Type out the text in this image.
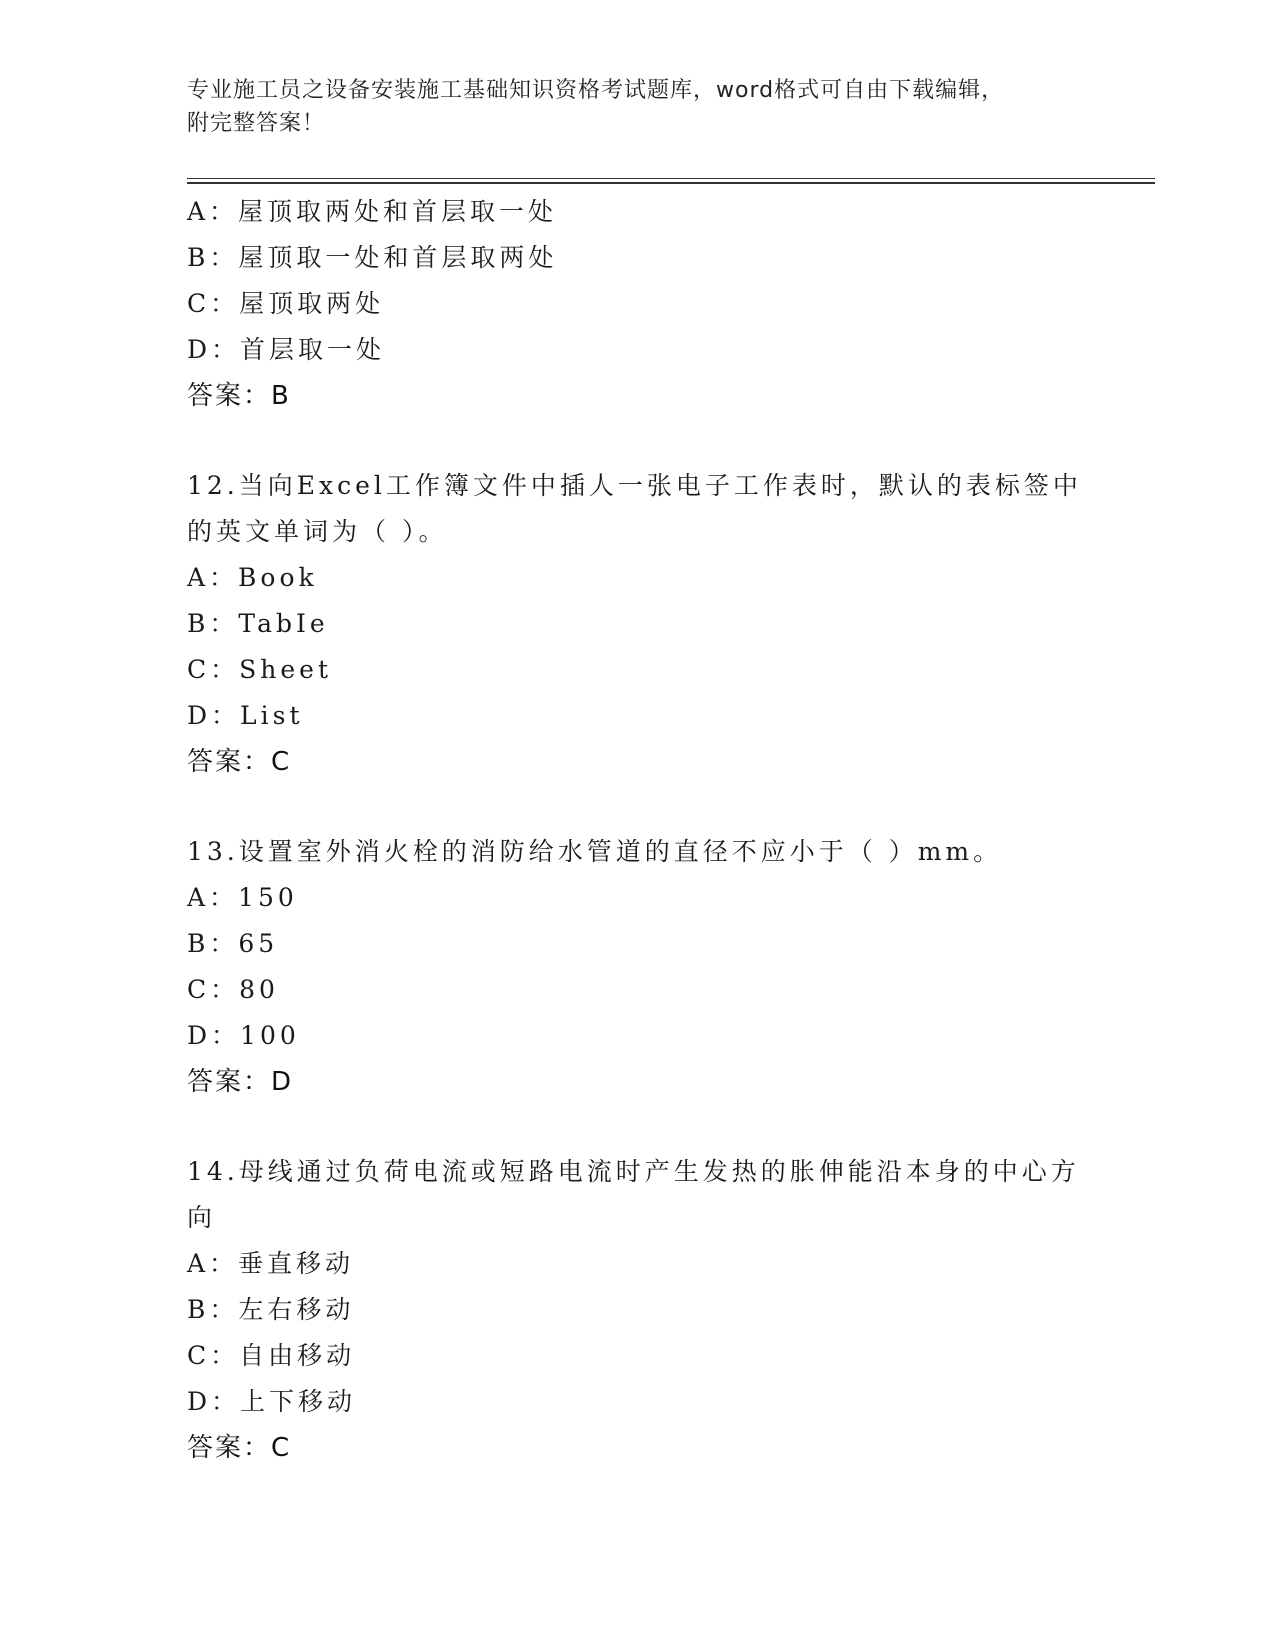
专业施工员之设备安装施工基础知识资格考试题库，word格式可自由下载编辑，
附完整答案！
A：屋顶取两处和首层取一处
B：屋顶取一处和首层取两处
C：屋顶取两处
D：首层取一处
答案：B
12.当向Excel工作簿文件中插人一张电子工作表时，默认的表标签中
的英文单词为（ ）。
A：Book
B：TabIe
C：Sheet
D：List
答案：C
13.设置室外消火栓的消防给水管道的直径不应小于（ ）mm。
A：150
B：65
C：80
D：100
答案：D
14.母线通过负荷电流或短路电流时产生发热的胀伸能沿本身的中心方
向
A：垂直移动
B：左右移动
C：自由移动
D：上下移动
答案：C
